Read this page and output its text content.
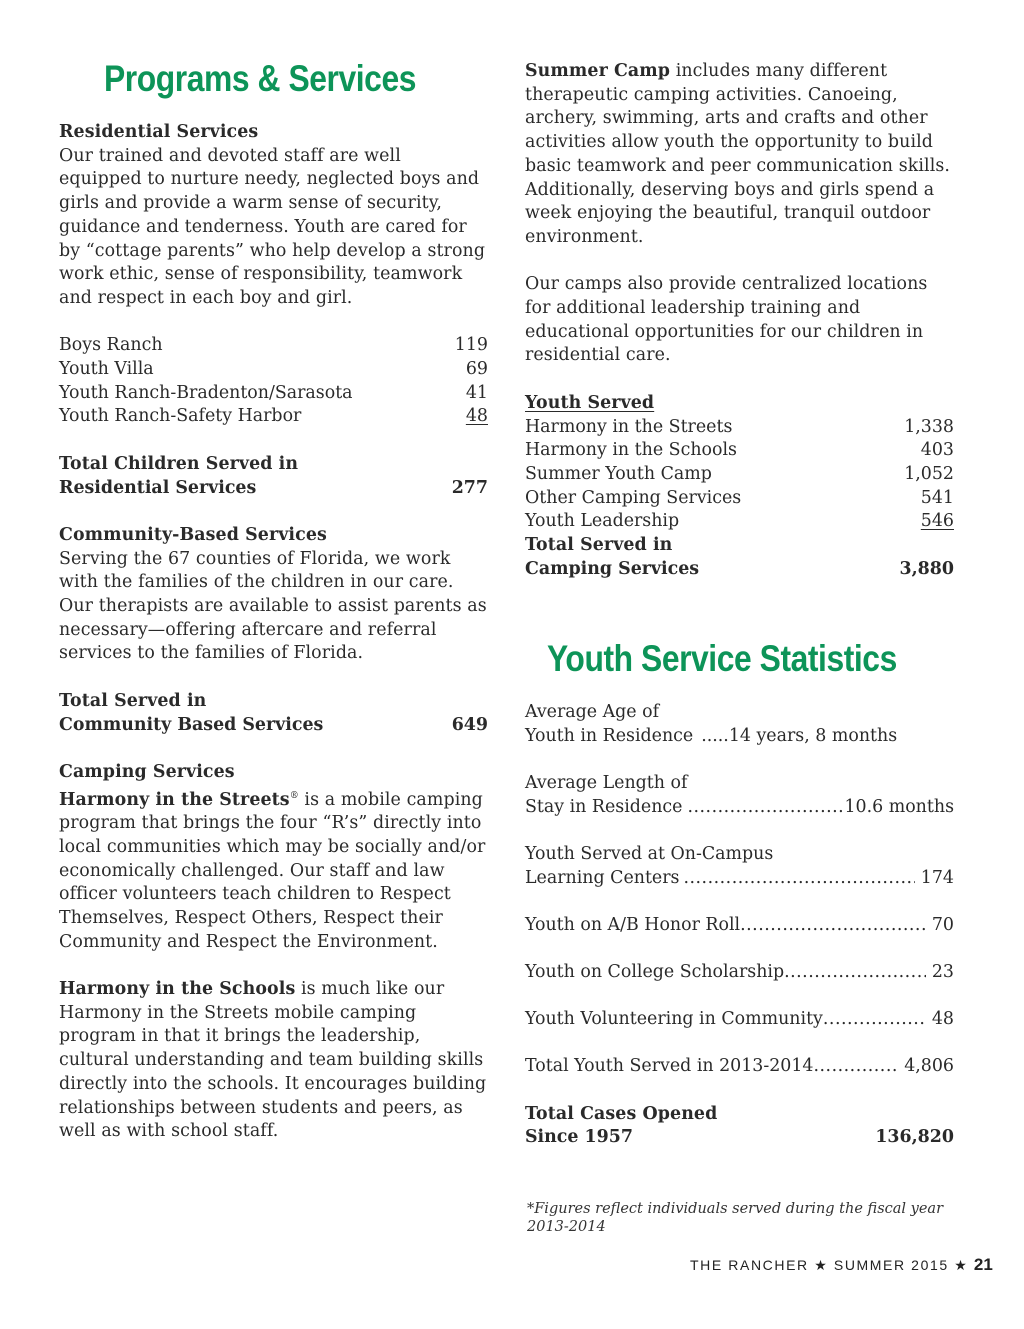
Programs & Services
Residential Services
Our trained and devoted staff are well equipped to nurture needy, neglected boys and girls and provide a warm sense of security, guidance and tenderness. Youth are cared for by “cottage parents” who help develop a strong work ethic, sense of responsibility, teamwork and respect in each boy and girl.
Boys Ranch	119
Youth Villa	69
Youth Ranch-Bradenton/Sarasota	41
Youth Ranch-Safety Harbor	48
Total Children Served in
Residential Services	277
Community-Based Services
Serving the 67 counties of Florida, we work with the families of the children in our care. Our therapists are available to assist parents as necessary—offering aftercare and referral services to the families of Florida.
Total Served in
Community Based Services	649
Camping Services
Harmony in the Streets® is a mobile camping program that brings the four “R’s” directly into local communities which may be socially and/or economically challenged. Our staff and law officer volunteers teach children to Respect Themselves, Respect Others, Respect their Community and Respect the Environment.
Harmony in the Schools is much like our Harmony in the Streets mobile camping program in that it brings the leadership, cultural understanding and team building skills directly into the schools. It encourages building relationships between students and peers, as well as with school staff.
Summer Camp includes many different therapeutic camping activities. Canoeing, archery, swimming, arts and crafts and other activities allow youth the opportunity to build basic teamwork and peer communication skills. Additionally, deserving boys and girls spend a week enjoying the beautiful, tranquil outdoor environment.
Our camps also provide centralized locations for additional leadership training and educational opportunities for our children in residential care.
Youth Served
Harmony in the Streets	1,338
Harmony in the Schools	403
Summer Youth Camp	1,052
Other Camping Services	541
Youth Leadership	546
Total Served in
Camping Services	3,880
Youth Service Statistics
Average Age of
Youth in Residence ..... 14 years, 8 months
Average Length of
Stay in Residence .....	10.6 months
Youth Served at On-Campus
Learning Centers .....	174
Youth on A/B Honor Roll .....	70
Youth on College Scholarship .....	23
Youth Volunteering in Community .....	48
Total Youth Served in 2013-2014 .....	4,806
Total Cases Opened
Since 1957	136,820
*Figures reflect individuals served during the fiscal year 2013-2014
THE RANCHER ★ SUMMER 2015 ★ 21
